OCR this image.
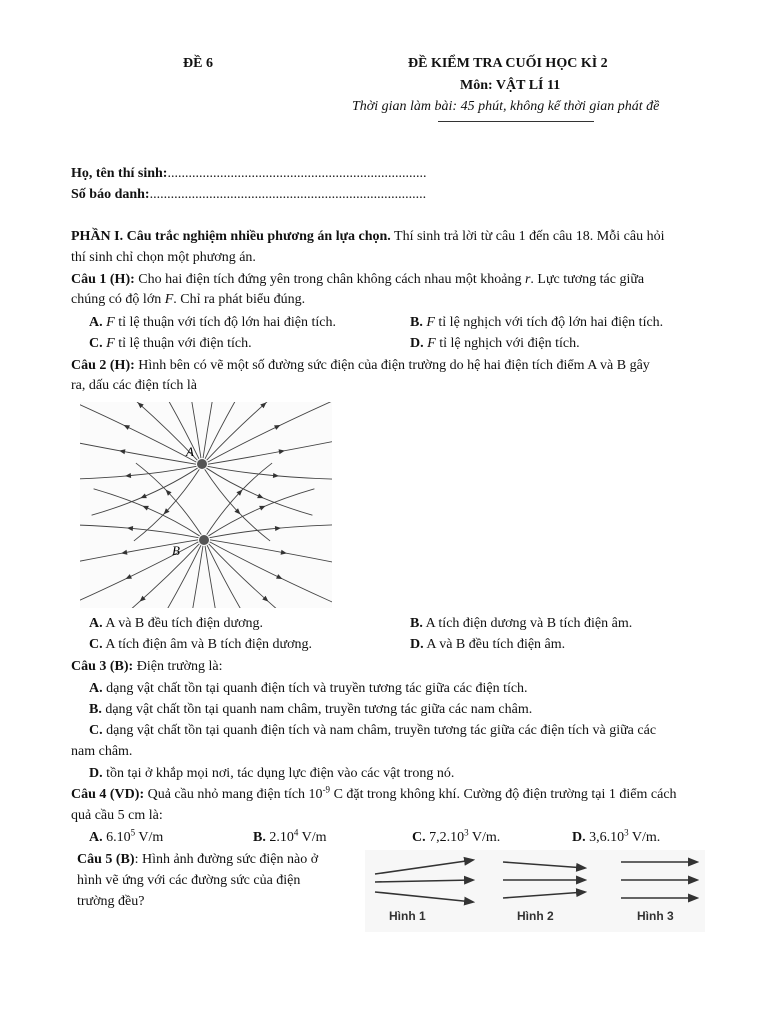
ĐỀ 6	ĐỀ KIỂM TRA CUỐI HỌC KÌ 2
Môn: VẬT LÍ 11
Thời gian làm bài: 45 phút, không kể thời gian phát đề
Họ, tên thí sinh:..........................................................................
Số báo danh:...............................................................................
PHẦN I. Câu trắc nghiệm nhiều phương án lựa chọn. Thí sinh trả lời từ câu 1 đến câu 18. Mỗi câu hỏi
thí sinh chỉ chọn một phương án.
Câu 1 (H): Cho hai điện tích đứng yên trong chân không cách nhau một khoảng r. Lực tương tác giữa
chúng có độ lớn F. Chỉ ra phát biểu đúng.
A. F tỉ lệ thuận với tích độ lớn hai điện tích.	B. F tỉ lệ nghịch với tích độ lớn hai điện tích.
C. F tỉ lệ thuận với điện tích.	D. F tỉ lệ nghịch với điện tích.
Câu 2 (H): Hình bên có vẽ một số đường sức điện của điện trường do hệ hai điện tích điểm A và B gây
ra, dấu các điện tích là
A
B
A. A và B đều tích điện dương.	B. A tích điện dương và B tích điện âm.
C. A tích điện âm và B tích điện dương.	D. A và B đều tích điện âm.
Câu 3 (B): Điện trường là:
A. dạng vật chất tồn tại quanh điện tích và truyền tương tác giữa các điện tích.
B. dạng vật chất tồn tại quanh nam châm, truyền tương tác giữa các nam châm.
C. dạng vật chất tồn tại quanh điện tích và nam châm, truyền tương tác giữa các điện tích và giữa các
nam châm.
D. tồn tại ở khắp mọi nơi, tác dụng lực điện vào các vật trong nó.
Câu 4 (VD): Quả cầu nhỏ mang điện tích $10^{-9}$ C đặt trong không khí. Cường độ điện trường tại 1 điểm cách
quả cầu 5 cm là:
A. 6.10$^5$ V/m	B. 2.10$^4$ V/m	C. 7,2.10$^3$ V/m.	D. 3,6.10$^3$ V/m.
Câu 5 (B): Hình ảnh đường sức điện nào ở
hình vẽ ứng với các đường sức của điện
trường đều?
Hình 1	Hình 2	Hình 3
